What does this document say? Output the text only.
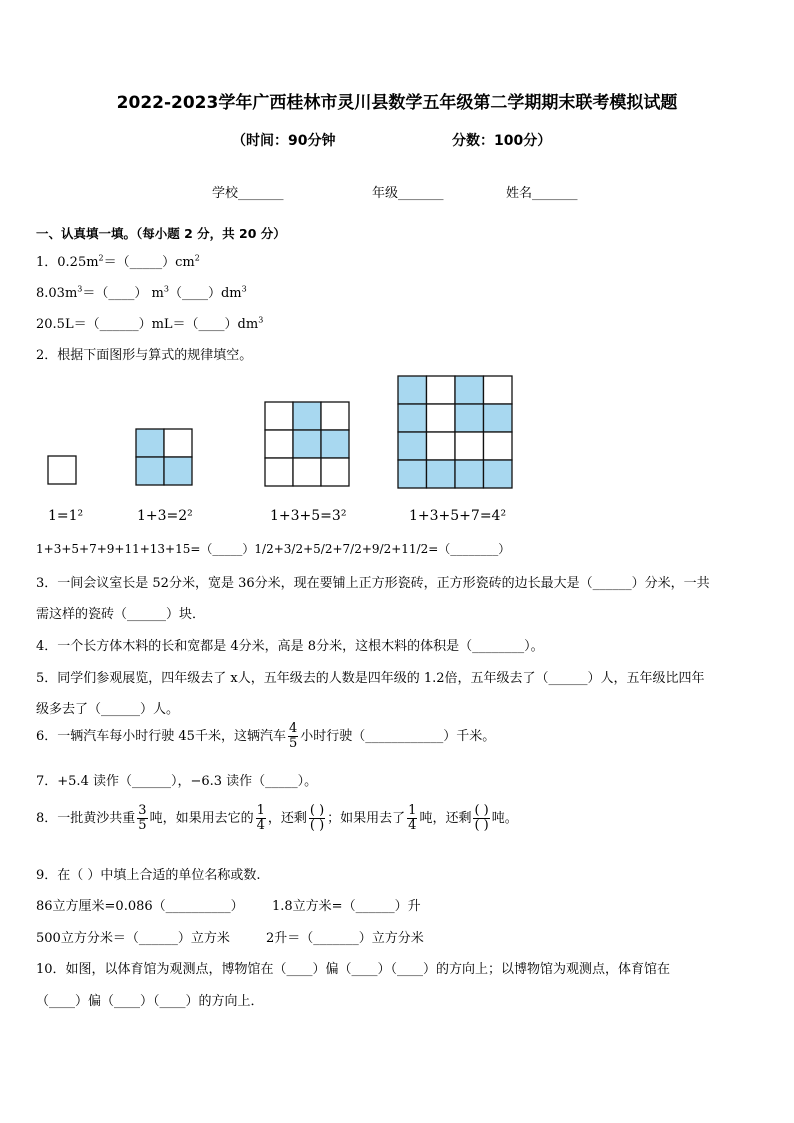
2022-2023学年广西桂林市灵川县数学五年级第二学期期末联考模拟试题
（时间：90分钟	分数：100分）
学校_______	年级_______	姓名_______
一、认真填一填。（每小题 2 分，共 20 分）
1．$0.25m^2=(\_\_\_\_\_)cm^2$
$8.03m^3=(\_\_\_\_)$ $m^3(\_\_\_\_)dm^3$
$20.5L=(\_\_\_\_\_\_)mL=(\_\_\_\_)dm^3$
2．根据下面图形与算式的规律填空。
1=1²	1+3=2²	1+3+5=3²	1+3+5+7=4²
1+3+5+7+9+11+13+15=（_____）1/2+3/2+5/2+7/2+9/2+11/2=（________）
3．一间会议室长是 52分米，宽是 36分米，现在要铺上正方形瓷砖，正方形瓷砖的边长最大是（______）分米，一共
需这样的瓷砖（______）块．
4．一个长方体木料的长和宽都是 4分米，高是 8分米，这根木料的体积是（________）。
5．同学们参观展览，四年级去了 x人，五年级去的人数是四年级的 1.2倍，五年级去了（______）人，五年级比四年
级多去了（______）人。
6．一辆汽车每小时行驶 45千米，这辆汽车 $\frac{4}{5}$ 小时行驶（____________）千米。
7．+5.4 读作（______），−6.3 读作（_____）。
8．一批黄沙共重 $\frac{3}{5}$ 吨，如果用去它的 $\frac{1}{4}$ ，还剩 $\frac{( )}{( )}$ ；如果用去了 $\frac{1}{4}$ 吨，还剩 $\frac{( )}{( )}$ 吨。
9．在（ ）中填上合适的单位名称或数.
86立方厘米=0.086（__________） 1.8立方米=（______）升
500立方分米＝（______）立方米	2升＝（_______）立方分米
10．如图，以体育馆为观测点，博物馆在（____）偏（____）（____）的方向上；以博物馆为观测点，体育馆在
（____）偏（____）（____）的方向上．
